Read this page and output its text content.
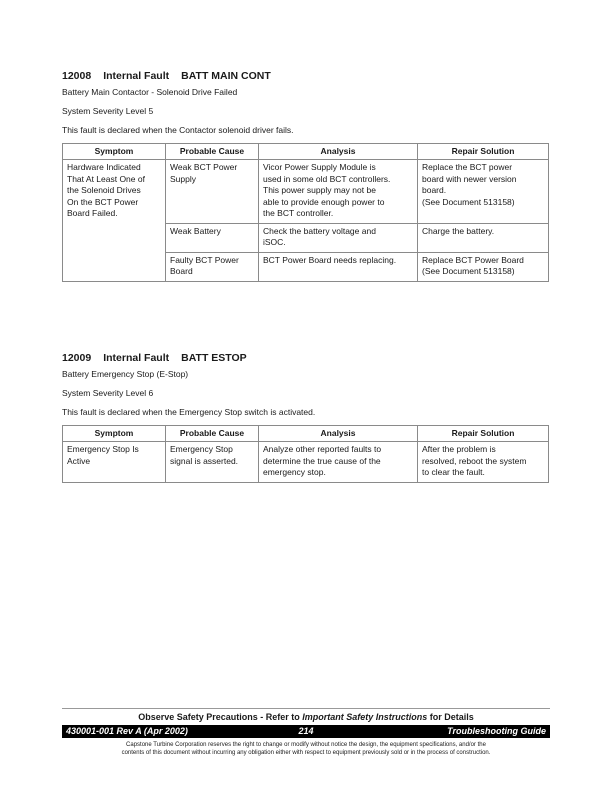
12008 Internal Fault BATT MAIN CONT
Battery Main Contactor - Solenoid Drive Failed
System Severity Level 5
This fault is declared when the Contactor solenoid driver fails.
Symptom	Probable Cause	Analysis	Repair Solution

Hardware Indicated
That At Least One of
the Solenoid Drives
On the BCT Power
Board Failed.	Weak BCT Power
Supply	Vicor Power Supply Module is
used in some old BCT controllers.
This power supply may not be
able to provide enough power to
the BCT controller.	Replace the BCT power
board with newer version
board.
(See Document 513158)

	Weak Battery	Check the battery voltage and
iSOC.	Charge the battery.

	Faulty BCT Power
Board	BCT Power Board needs replacing.	Replace BCT Power Board
(See Document 513158)
12009 Internal Fault BATT ESTOP
Battery Emergency Stop (E-Stop)
System Severity Level 6
This fault is declared when the Emergency Stop switch is activated.
Symptom	Probable Cause	Analysis	Repair Solution

Emergency Stop Is
Active	Emergency Stop
signal is asserted.	Analyze other reported faults to
determine the true cause of the
emergency stop.	After the problem is
resolved, reboot the system
to clear the fault.
Observe Safety Precautions - Refer to Important Safety Instructions for Details
430001-001 Rev A (Apr 2002)	214	Troubleshooting Guide
Capstone Turbine Corporation reserves the right to change or modify without notice the design, the equipment specifications, and/or the
contents of this document without incurring any obligation either with respect to equipment previously sold or in the process of construction.
